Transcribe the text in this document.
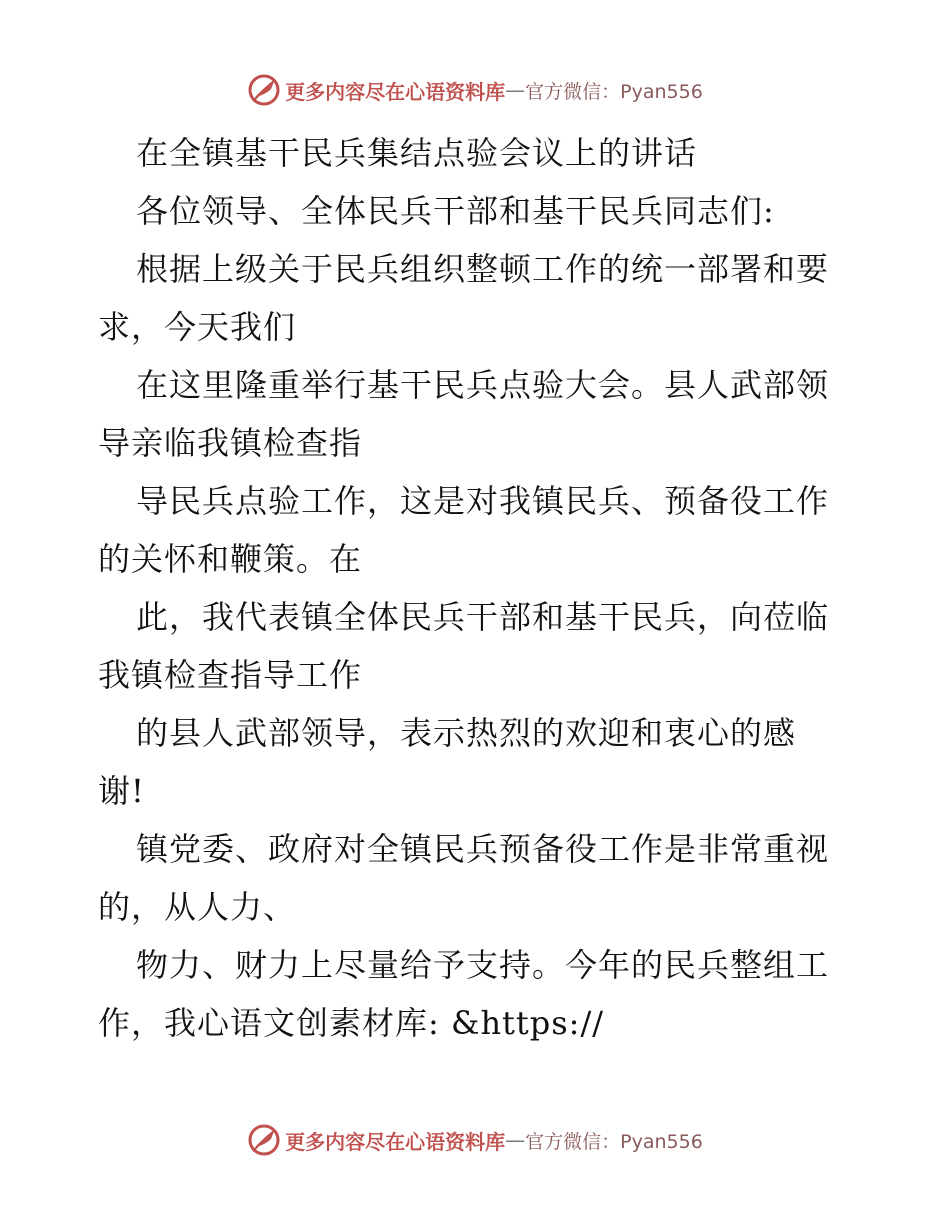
更多内容尽在心语资料库 — 官方微信：Pyan556
在全镇基干民兵集结点验会议上的讲话
各位领导、全体民兵干部和基干民兵同志们:
根据上级关于民兵组织整顿工作的统一部署和要
求，今天我们
在这里隆重举行基干民兵点验大会。县人武部领
导亲临我镇检查指
导民兵点验工作，这是对我镇民兵、预备役工作
的关怀和鞭策。在
此，我代表镇全体民兵干部和基干民兵，向莅临
我镇检查指导工作
的县人武部领导，表示热烈的欢迎和衷心的感
谢!
镇党委、政府对全镇民兵预备役工作是非常重视
的，从人力、
物力、财力上尽量给予支持。今年的民兵整组工
作，我心语文创素材库: &https://
更多内容尽在心语资料库 — 官方微信：Pyan556
